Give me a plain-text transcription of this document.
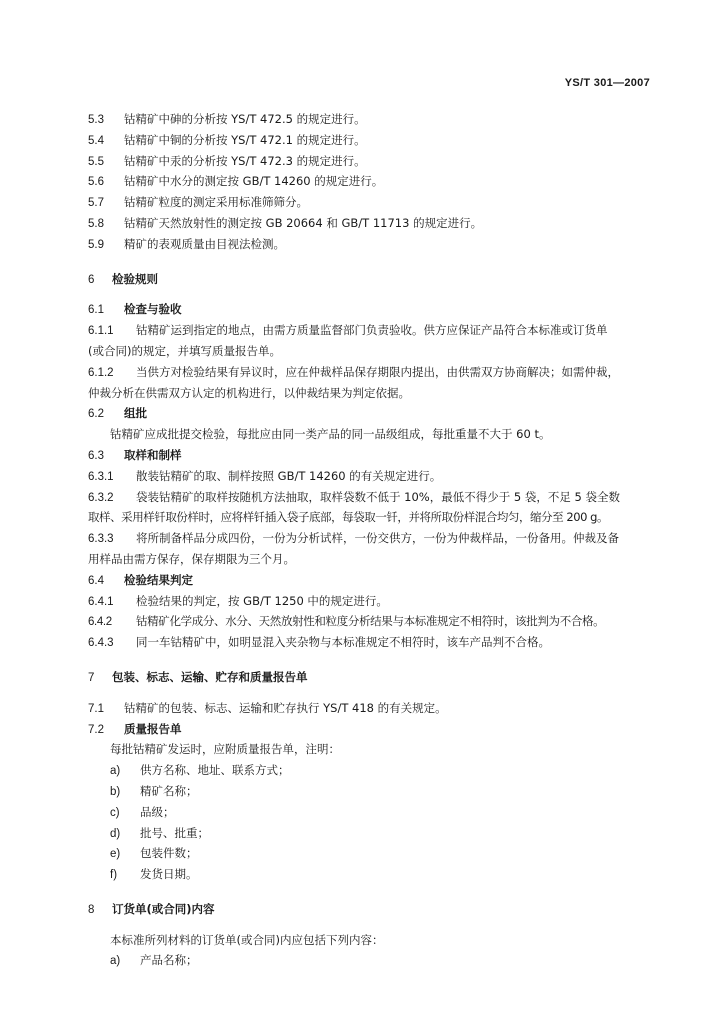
YS/T 301—2007
5.3 钴精矿中砷的分析按 YS/T 472.5 的规定进行。
5.4 钴精矿中铜的分析按 YS/T 472.1 的规定进行。
5.5 钴精矿中汞的分析按 YS/T 472.3 的规定进行。
5.6 钴精矿中水分的测定按 GB/T 14260 的规定进行。
5.7 钴精矿粒度的测定采用标准筛筛分。
5.8 钴精矿天然放射性的测定按 GB 20664 和 GB/T 11713 的规定进行。
5.9 精矿的表观质量由目视法检测。
6 检验规则
6.1 检查与验收
6.1.1 钴精矿运到指定的地点，由需方质量监督部门负责验收。供方应保证产品符合本标准或订货单
(或合同)的规定，并填写质量报告单。
6.1.2 当供方对检验结果有异议时，应在仲裁样品保存期限内提出，由供需双方协商解决；如需仲裁，
仲裁分析在供需双方认定的机构进行，以仲裁结果为判定依据。
6.2 组批
钴精矿应成批提交检验，每批应由同一类产品的同一品级组成，每批重量不大于 60 t。
6.3 取样和制样
6.3.1 散装钴精矿的取、制样按照 GB/T 14260 的有关规定进行。
6.3.2 袋装钴精矿的取样按随机方法抽取，取样袋数不低于 10%，最低不得少于 5 袋，不足 5 袋全数
取样、采用样钎取份样时，应将样钎插入袋子底部，每袋取一钎，并将所取份样混合均匀，缩分至 200 g。
6.3.3 将所制备样品分成四份，一份为分析试样，一份交供方，一份为仲裁样品，一份备用。仲裁及备
用样品由需方保存，保存期限为三个月。
6.4 检验结果判定
6.4.1 检验结果的判定，按 GB/T 1250 中的规定进行。
6.4.2 钴精矿化学成分、水分、天然放射性和粒度分析结果与本标准规定不相符时，该批判为不合格。
6.4.3 同一车钴精矿中，如明显混入夹杂物与本标准规定不相符时，该车产品判不合格。
7 包装、标志、运输、贮存和质量报告单
7.1 钴精矿的包装、标志、运输和贮存执行 YS/T 418 的有关规定。
7.2 质量报告单
每批钴精矿发运时，应附质量报告单，注明：
a) 供方名称、地址、联系方式；
b) 精矿名称；
c) 品级；
d) 批号、批重；
e) 包装件数；
f) 发货日期。
8 订货单(或合同)内容
本标准所列材料的订货单(或合同)内应包括下列内容：
a) 产品名称；
